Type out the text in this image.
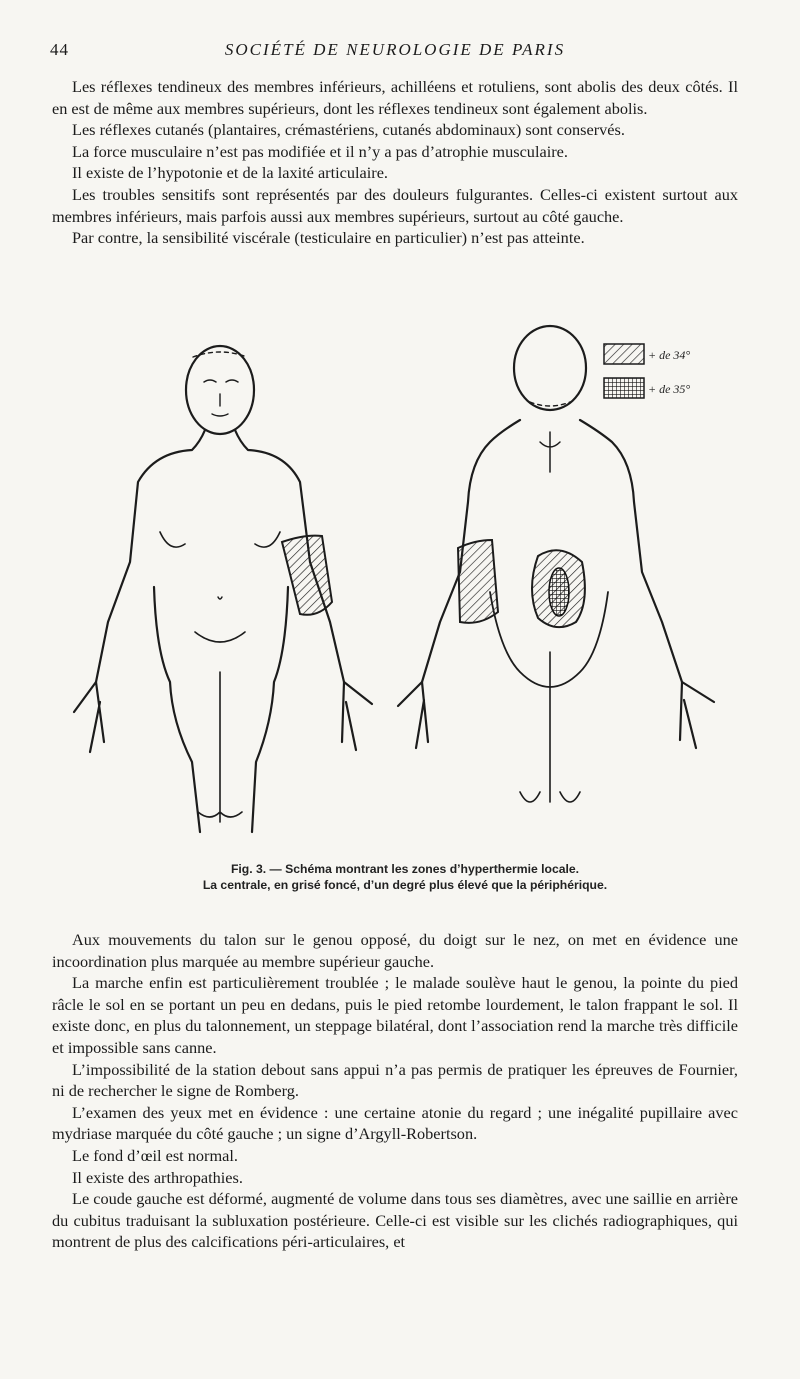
44	SOCIÉTÉ DE NEUROLOGIE DE PARIS

Les réflexes tendineux des membres inférieurs, achilléens et rotuliens, sont abolis des deux côtés. Il en est de même aux membres supérieurs, dont les réflexes tendineux sont également abolis.

Les réflexes cutanés (plantaires, crémastériens, cutanés abdominaux) sont conservés.

La force musculaire n’est pas modifiée et il n’y a pas d’atrophie musculaire.

Il existe de l’hypotonie et de la laxité articulaire.

Les troubles sensitifs sont représentés par des douleurs fulgurantes. Celles-ci existent surtout aux membres inférieurs, mais parfois aussi aux membres supérieurs, surtout au côté gauche.

Par contre, la sensibilité viscérale (testiculaire en particulier) n’est pas atteinte.

+ de 34°
+ de 35°
Fig. 3. — Schéma montrant les zones d’hyperthermie locale.
La centrale, en grisé foncé, d’un degré plus élevé que la périphérique.

Aux mouvements du talon sur le genou opposé, du doigt sur le nez, on met en évidence une incoordination plus marquée au membre supérieur gauche.

La marche enfin est particulièrement troublée ; le malade soulève haut le genou, la pointe du pied râcle le sol en se portant un peu en dedans, puis le pied retombe lourdement, le talon frappant le sol. Il existe donc, en plus du talonnement, un steppage bilatéral, dont l’association rend la marche très difficile et impossible sans canne.

L’impossibilité de la station debout sans appui n’a pas permis de pratiquer les épreuves de Fournier, ni de rechercher le signe de Romberg.

L’examen des yeux met en évidence : une certaine atonie du regard ; une inégalité pupillaire avec mydriase marquée du côté gauche ; un signe d’Argyll-Robertson.

Le fond d’œil est normal.

Il existe des arthropathies.

Le coude gauche est déformé, augmenté de volume dans tous ses diamètres, avec une saillie en arrière du cubitus traduisant la subluxation postérieure. Celle-ci est visible sur les clichés radiographiques, qui montrent de plus des calcifications péri-articulaires, et
